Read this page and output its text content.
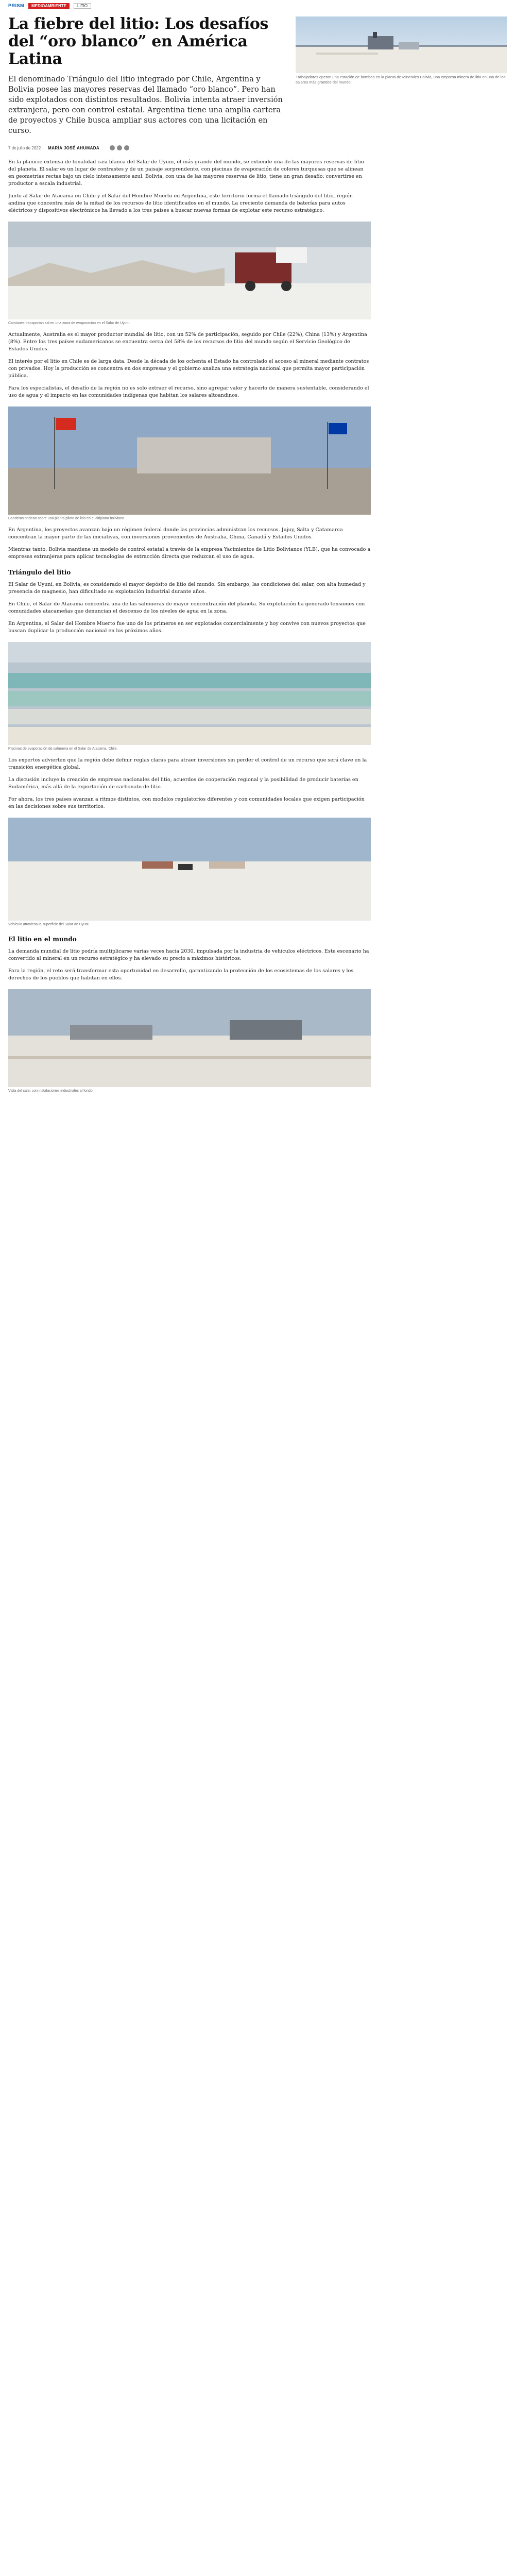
PRISM	MEDIOAMBIENTE	LITIO
La fiebre del litio: Los desafíos del “oro blanco” en América Latina

El denominado Triángulo del litio integrado por Chile, Argentina y Bolivia posee las mayores reservas del llamado “oro blanco”. Pero han sido explotados con distintos resultados. Bolivia intenta atraer inversión extranjera, pero con control estatal. Argentina tiene una amplia cartera de proyectos y Chile busca ampliar sus actores con una licitación en curso.

Trabajadores operan una estación de bombeo en la planta de Minerales Bolivia, una empresa minera de litio en uno de los salares más grandes del mundo.
7 de julio de 2022 MARÍA JOSÉ AHUMADA

En la planicie extensa de tonalidad casi blanca del Salar de Uyuni, el más grande del mundo, se extiende una de las mayores reservas de litio del planeta. El salar es un lugar de contrastes y de un paisaje sorprendente, con piscinas de evaporación de colores turquesas que se alinean en geometrías rectas bajo un cielo intensamente azul. Bolivia, con una de las mayores reservas de litio, tiene un gran desafío: convertirse en productor a escala industrial.

Junto al Salar de Atacama en Chile y el Salar del Hombre Muerto en Argentina, este territorio forma el llamado triángulo del litio, región andina que concentra más de la mitad de los recursos de litio identificados en el mundo. La creciente demanda de baterías para autos eléctricos y dispositivos electrónicos ha llevado a los tres países a buscar nuevas formas de explotar este recurso estratégico.

Camiones transportan sal en una zona de evaporación en el Salar de Uyuni.

Actualmente, Australia es el mayor productor mundial de litio, con un 52% de participación, seguido por Chile (22%), China (13%) y Argentina (8%). Entre los tres países sudamericanos se encuentra cerca del 58% de los recursos de litio del mundo según el Servicio Geológico de Estados Unidos.

El interés por el litio en Chile es de larga data. Desde la década de los ochenta el Estado ha controlado el acceso al mineral mediante contratos con privados. Hoy la producción se concentra en dos empresas y el gobierno analiza una estrategia nacional que permita mayor participación pública.

Para los especialistas, el desafío de la región no es solo extraer el recurso, sino agregar valor y hacerlo de manera sustentable, considerando el uso de agua y el impacto en las comunidades indígenas que habitan los salares altoandinos.

Banderas ondean sobre una planta piloto de litio en el altiplano boliviano.

En Argentina, los proyectos avanzan bajo un régimen federal donde las provincias administran los recursos. Jujuy, Salta y Catamarca concentran la mayor parte de las iniciativas, con inversiones provenientes de Australia, China, Canadá y Estados Unidos.

Mientras tanto, Bolivia mantiene un modelo de control estatal a través de la empresa Yacimientos de Litio Bolivianos (YLB), que ha convocado a empresas extranjeras para aplicar tecnologías de extracción directa que reduzcan el uso de agua.

Triángulo del litio

El Salar de Uyuni, en Bolivia, es considerado el mayor depósito de litio del mundo. Sin embargo, las condiciones del salar, con alta humedad y presencia de magnesio, han dificultado su explotación industrial durante años.

En Chile, el Salar de Atacama concentra una de las salmueras de mayor concentración del planeta. Su explotación ha generado tensiones con comunidades atacameñas que denuncian el descenso de los niveles de agua en la zona.

En Argentina, el Salar del Hombre Muerto fue uno de los primeros en ser explotados comercialmente y hoy convive con nuevos proyectos que buscan duplicar la producción nacional en los próximos años.

Piscinas de evaporación de salmuera en el Salar de Atacama, Chile.

Los expertos advierten que la región debe definir reglas claras para atraer inversiones sin perder el control de un recurso que será clave en la transición energética global.

La discusión incluye la creación de empresas nacionales del litio, acuerdos de cooperación regional y la posibilidad de producir baterías en Sudamérica, más allá de la exportación de carbonato de litio.

Por ahora, los tres países avanzan a ritmos distintos, con modelos regulatorios diferentes y con comunidades locales que exigen participación en las decisiones sobre sus territorios.

Vehículo atraviesa la superficie del Salar de Uyuni.
El litio en el mundo

La demanda mundial de litio podría multiplicarse varias veces hacia 2030, impulsada por la industria de vehículos eléctricos. Este escenario ha convertido al mineral en un recurso estratégico y ha elevado su precio a máximos históricos.

Para la región, el reto será transformar esta oportunidad en desarrollo, garantizando la protección de los ecosistemas de los salares y los derechos de los pueblos que habitan en ellos.

Vista del salar con instalaciones industriales al fondo.
